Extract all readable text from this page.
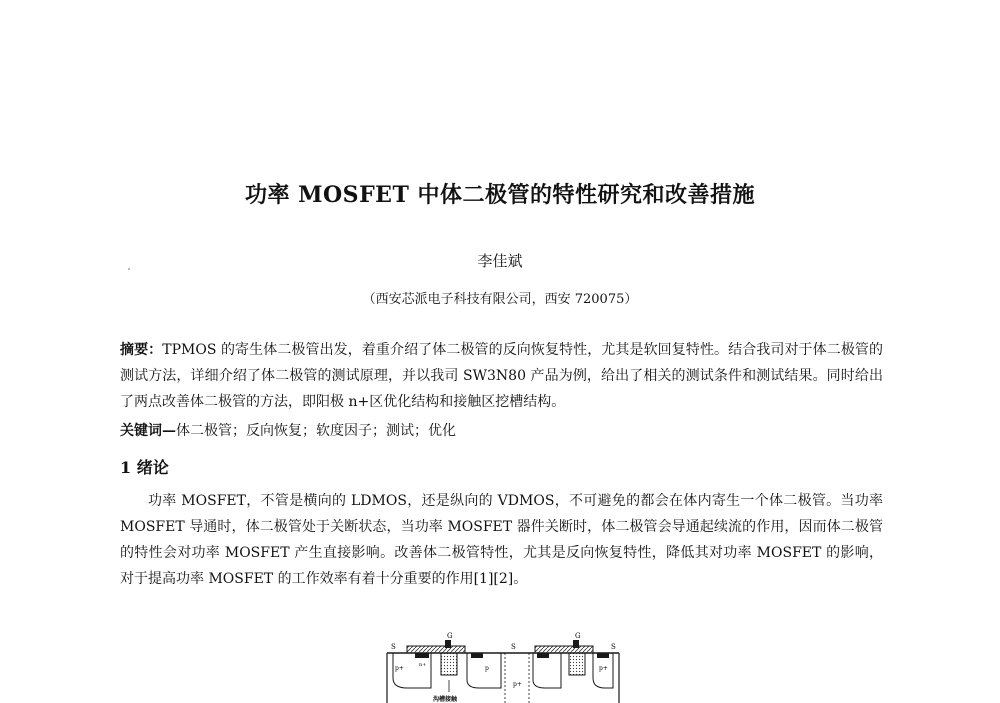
功率 MOSFET 中体二极管的特性研究和改善措施
李佳斌
（西安芯派电子科技有限公司，西安 720075）
摘要：TPMOS 的寄生体二极管出发，着重介绍了体二极管的反向恢复特性，尤其是软回复特性。结合我司对于体二极管的测试方法，详细介绍了体二极管的测试原理，并以我司 SW3N80 产品为例，给出了相关的测试条件和测试结果。同时给出了两点改善体二极管的方法，即阳极 n+区优化结构和接触区挖槽结构。
关键词—体二极管；反向恢复；软度因子；测试；优化
1 绪论
功率 MOSFET，不管是横向的 LDMOS，还是纵向的 VDMOS，不可避免的都会在体内寄生一个体二极管。当功率 MOSFET 导通时，体二极管处于关断状态，当功率 MOSFET 器件关断时，体二极管会导通起续流的作用，因而体二极管的特性会对功率 MOSFET 产生直接影响。改善体二极管特性，尤其是反向恢复特性，降低其对功率 MOSFET 的影响，对于提高功率 MOSFET 的工作效率有着十分重要的作用[1][2]。
G	G
S	S	S
p+	p
p+
p+
n+
沟槽接触
